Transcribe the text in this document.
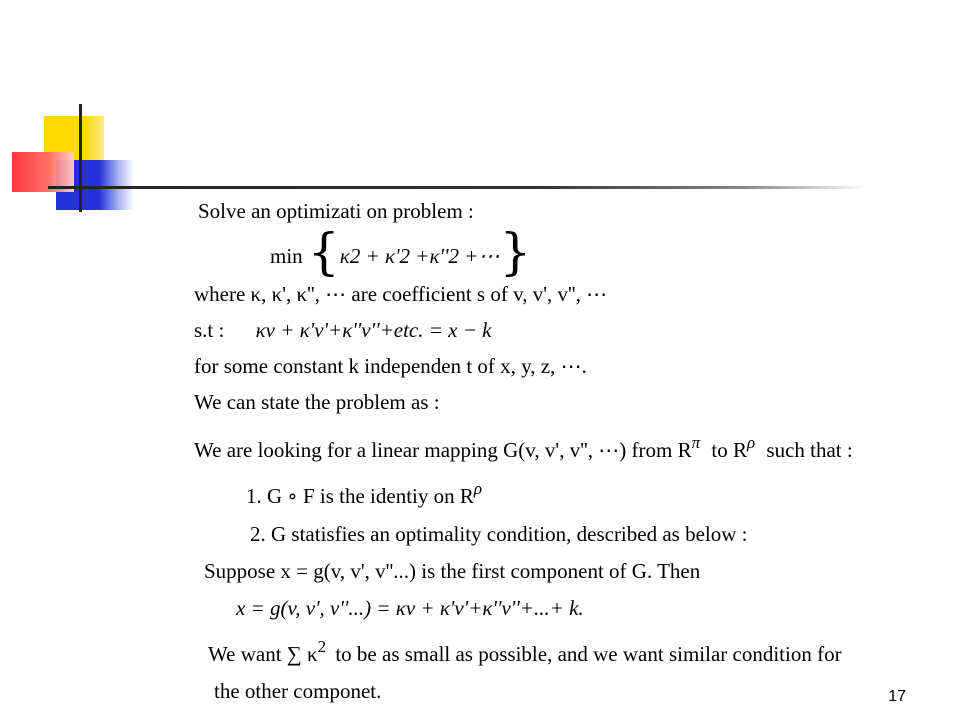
Solve an optimizati on problem :
min {κ2 + κ'2 +κ''2 +⋯}
where κ, κ', κ'', ⋯ are coefficient s of v, v', v'', ⋯
s.t : κv + κ'v'+κ''v''+etc. = x − k
for some constant k independen t of x, y, z, ⋯.
We can state the problem as :
We are looking for a linear mapping G(v, v', v'', ⋯) from $R^\pi$ to $R^\rho$ such that :
1. G ∘ F is the identiy on $R^\rho$
2. G statisfies an optimality condition, described as below :
Suppose x = g(v, v', v''...) is the first component of G. Then
x = g(v, v', v''...) = κv + κ'v'+κ''v''+...+ k.
We want ∑ $\kappa^2$ to be as small as possible, and we want similar condition for
the other componet.	17
